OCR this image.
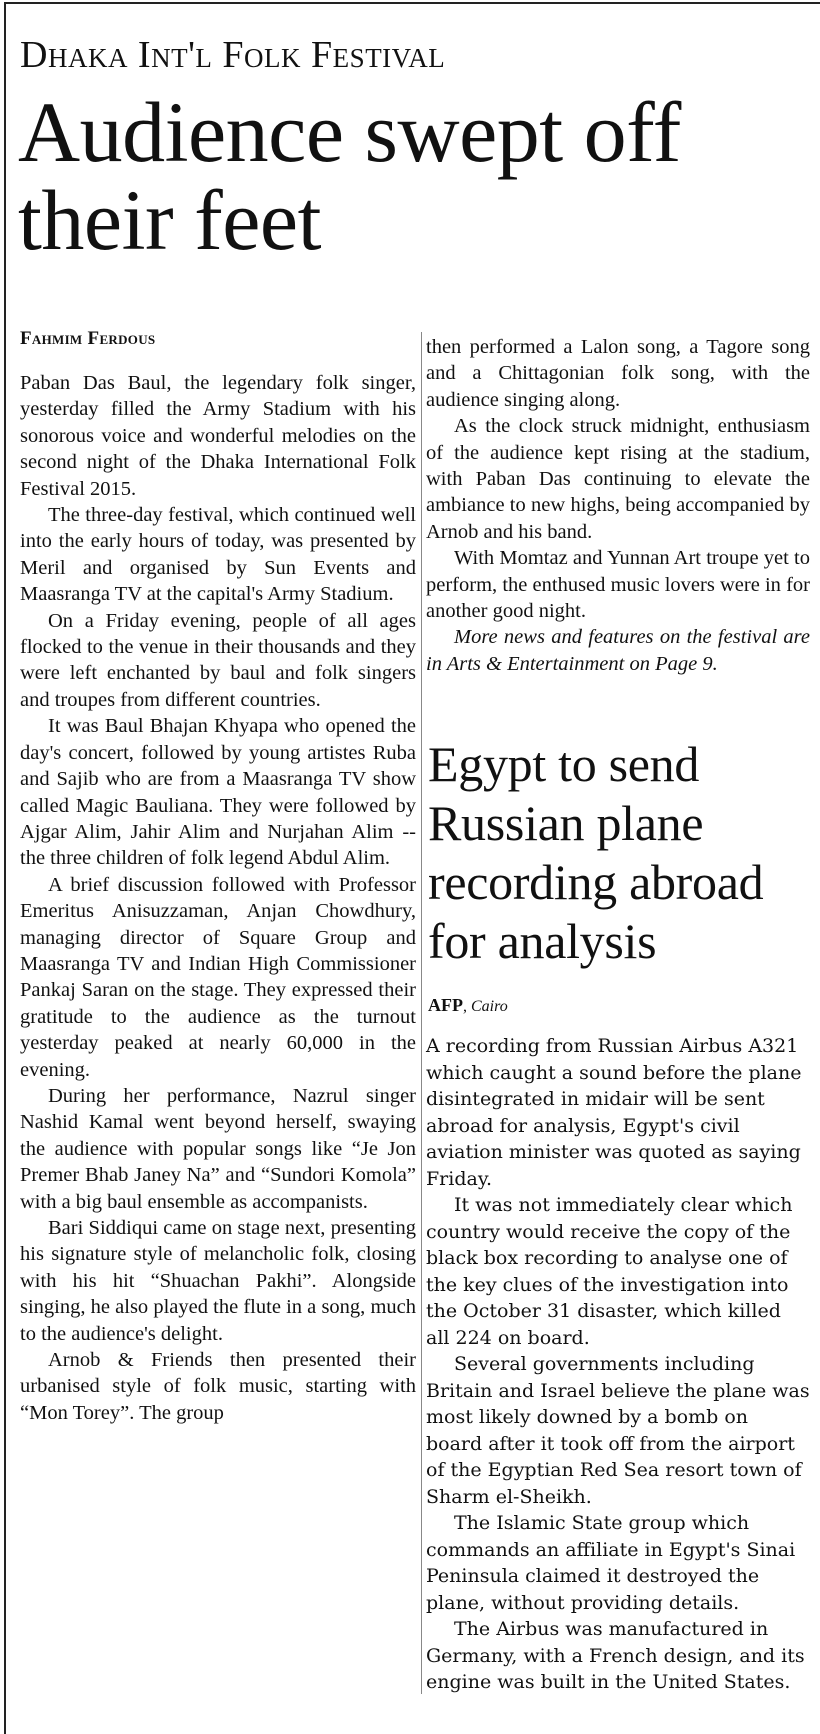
Dhaka Int'l Folk Festival
Audience swept off their feet
Fahmim Ferdous

Paban Das Baul, the legendary folk singer, yesterday filled the Army Stadium with his sonorous voice and wonderful melodies on the second night of the Dhaka International Folk Festival 2015.

The three-day festival, which continued well into the early hours of today, was presented by Meril and organised by Sun Events and Maasranga TV at the capital's Army Stadium.

On a Friday evening, people of all ages flocked to the venue in their thousands and they were left enchanted by baul and folk singers and troupes from different countries.

It was Baul Bhajan Khyapa who opened the day's concert, followed by young artistes Ruba and Sajib who are from a Maasranga TV show called Magic Bauliana. They were followed by Ajgar Alim, Jahir Alim and Nurjahan Alim -- the three children of folk legend Abdul Alim.

A brief discussion followed with Professor Emeritus Anisuzzaman, Anjan Chowdhury, managing director of Square Group and Maasranga TV and Indian High Commissioner Pankaj Saran on the stage. They expressed their gratitude to the audience as the turnout yesterday peaked at nearly 60,000 in the evening.

During her performance, Nazrul singer Nashid Kamal went beyond herself, swaying the audience with popular songs like “Je Jon Premer Bhab Janey Na” and “Sundori Komola” with a big baul ensemble as accompanists.

Bari Siddiqui came on stage next, presenting his signature style of melancholic folk, closing with his hit “Shuachan Pakhi”. Alongside singing, he also played the flute in a song, much to the audience's delight.

Arnob & Friends then presented their urbanised style of folk music, starting with “Mon Torey”. The group

then performed a Lalon song, a Tagore song and a Chittagonian folk song, with the audience singing along.

As the clock struck midnight, enthusiasm of the audience kept rising at the stadium, with Paban Das continuing to elevate the ambiance to new highs, being accompanied by Arnob and his band.

With Momtaz and Yunnan Art troupe yet to perform, the enthused music lovers were in for another good night.

More news and features on the festival are in Arts & Entertainment on Page 9.

Egypt to send Russian plane recording abroad for analysis
AFP, Cairo

A recording from Russian Airbus A321 which caught a sound before the plane disintegrated in midair will be sent abroad for analysis, Egypt's civil aviation minister was quoted as saying Friday.

It was not immediately clear which country would receive the copy of the black box recording to analyse one of the key clues of the investigation into the October 31 disaster, which killed all 224 on board.

Several governments including Britain and Israel believe the plane was most likely downed by a bomb on board after it took off from the airport of the Egyptian Red Sea resort town of Sharm el-Sheikh.

The Islamic State group which commands an affiliate in Egypt's Sinai Peninsula claimed it destroyed the plane, without providing details.

The Airbus was manufactured in Germany, with a French design, and its engine was built in the United States.
